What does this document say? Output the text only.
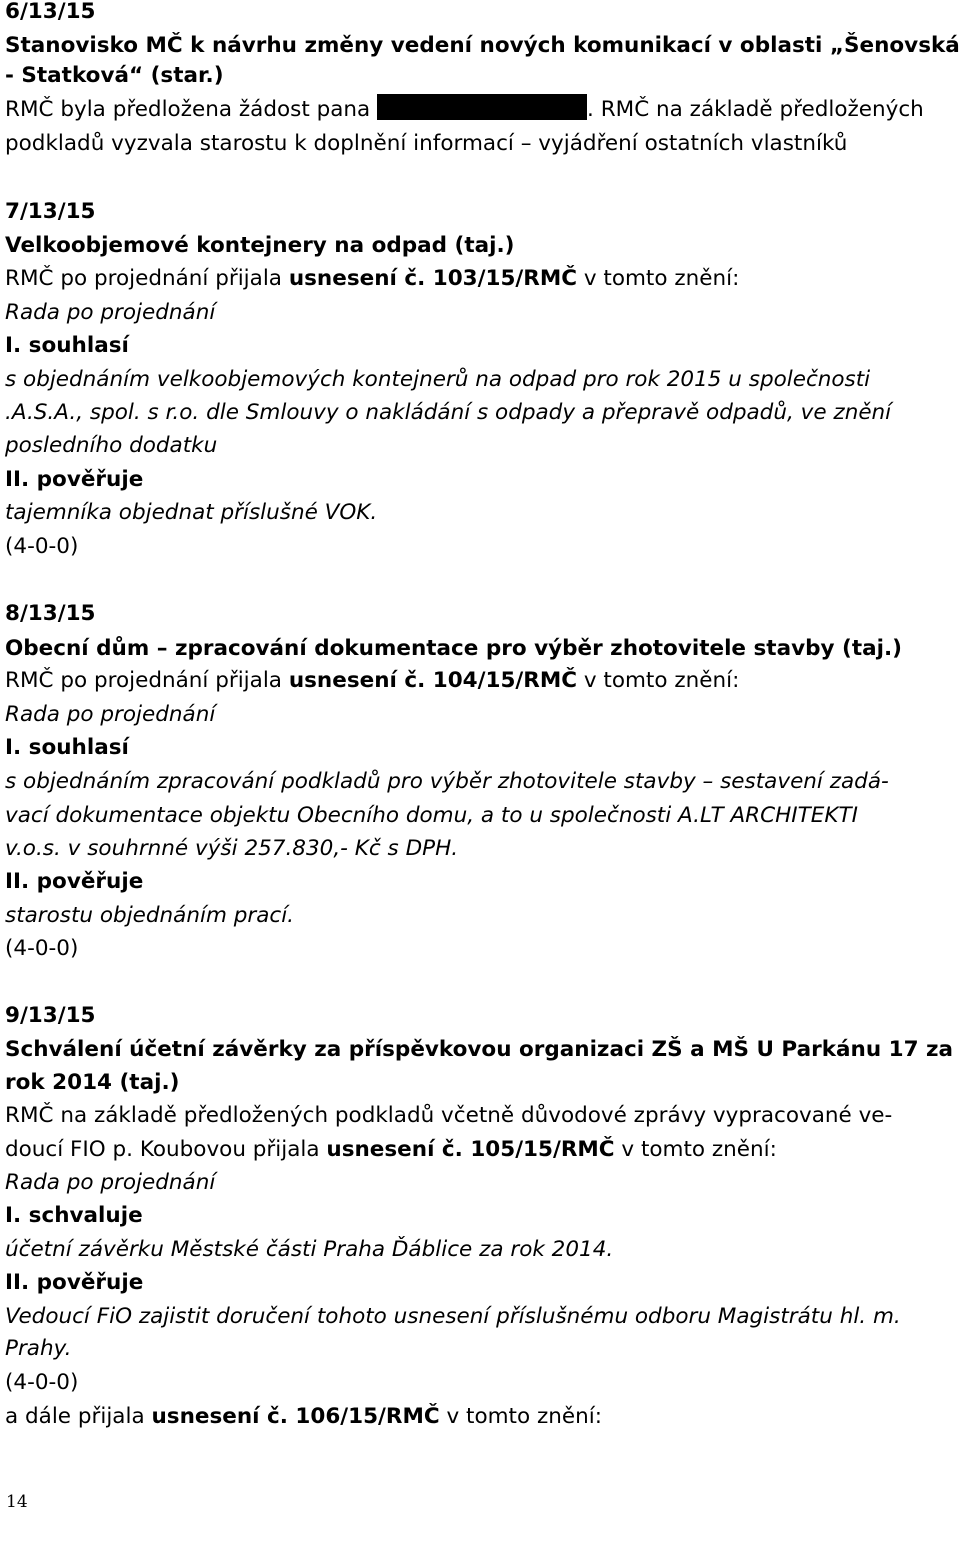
6/13/15
Stanovisko MČ k návrhu změny vedení nových komunikací v oblasti „Šenovská
- Statková“ (star.)
RMČ byla předložena žádost pana	. RMČ na základě předložených
podkladů vyzvala starostu k doplnění informací – vyjádření ostatních vlastníků
7/13/15
Velkoobjemové kontejnery na odpad (taj.)
RMČ po projednání přijala usnesení č. 103/15/RMČ v tomto znění:
Rada po projednání
I. souhlasí
s objednáním velkoobjemových kontejnerů na odpad pro rok 2015 u společnosti
.A.S.A., spol. s r.o. dle Smlouvy o nakládání s odpady a přepravě odpadů, ve znění
posledního dodatku
II. pověřuje
tajemníka objednat příslušné VOK.
(4-0-0)
8/13/15
Obecní dům – zpracování dokumentace pro výběr zhotovitele stavby (taj.)
RMČ po projednání přijala usnesení č. 104/15/RMČ v tomto znění:
Rada po projednání
I. souhlasí
s objednáním zpracování podkladů pro výběr zhotovitele stavby – sestavení zadá-
vací dokumentace objektu Obecního domu, a to u společnosti A.LT ARCHITEKTI
v.o.s. v souhrnné výši 257.830,- Kč s DPH.
II. pověřuje
starostu objednáním prací.
(4-0-0)
9/13/15
Schválení účetní závěrky za příspěvkovou organizaci ZŠ a MŠ U Parkánu 17 za
rok 2014 (taj.)
RMČ na základě předložených podkladů včetně důvodové zprávy vypracované ve-
doucí FIO p. Koubovou přijala usnesení č. 105/15/RMČ v tomto znění:
Rada po projednání
I. schvaluje
účetní závěrku Městské části Praha Ďáblice za rok 2014.
II. pověřuje
Vedoucí FiO zajistit doručení tohoto usnesení příslušnému odboru Magistrátu hl. m.
Prahy.
(4-0-0)
a dále přijala usnesení č. 106/15/RMČ v tomto znění:
14
